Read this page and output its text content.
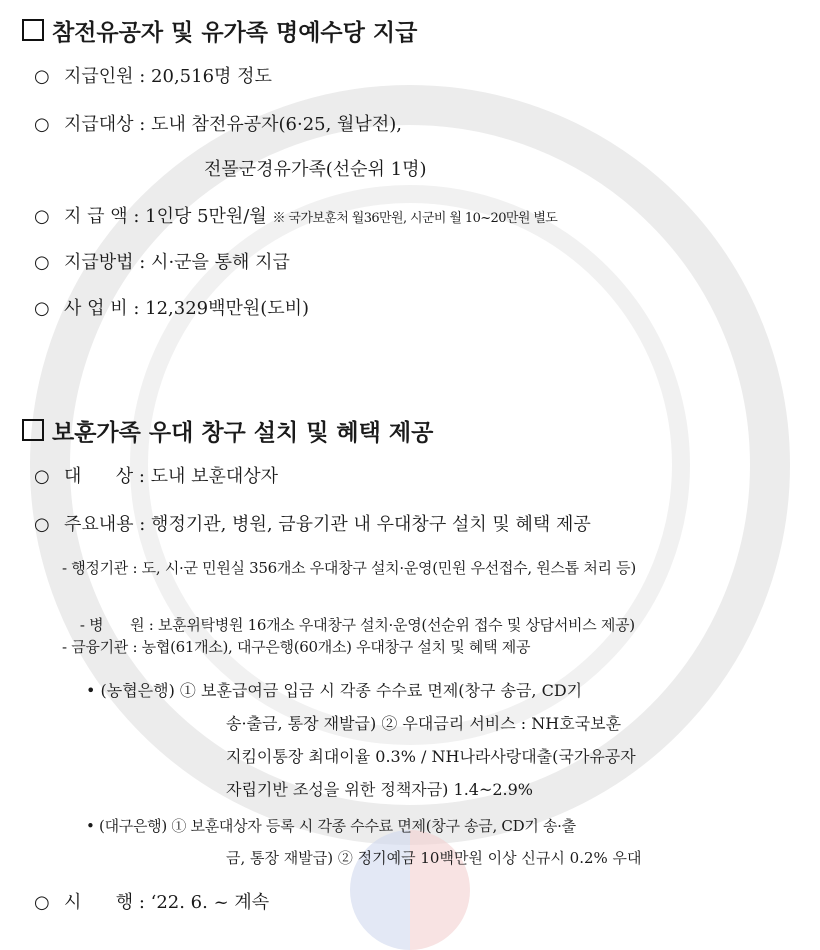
참전유공자 및 유가족 명예수당 지급
○ 지급인원 : 20,516명 정도
○ 지급대상 : 도내 참전유공자(6·25, 월남전),
전몰군경유가족(선순위 1명)
○ 지 급 액 : 1인당 5만원/월 ※ 국가보훈처 월36만원, 시군비 월 10~20만원 별도
○ 지급방법 : 시·군을 통해 지급
○ 사 업 비 : 12,329백만원(도비)
보훈가족 우대 창구 설치 및 혜택 제공
○ 대      상 : 도내 보훈대상자
○ 주요내용 : 행정기관, 병원, 금융기관 내 우대창구 설치 및 혜택 제공
- 행정기관 : 도, 시·군 민원실 356개소 우대창구 설치·운영(민원 우선접수, 원스톱 처리 등)

- 병      원 : 보훈위탁병원 16개소 우대창구 설치·운영(선순위 접수 및 상담서비스 제공)

- 금융기관 : 농협(61개소), 대구은행(60개소) 우대창구 설치 및 혜택 제공
• (농협은행) ① 보훈급여금 입금 시 각종 수수료 면제(창구 송금, CD기
송·출금, 통장 재발급) ② 우대금리 서비스 : NH호국보훈
지킴이통장 최대이율 0.3% / NH나라사랑대출(국가유공자
자립기반 조성을 위한 정책자금) 1.4~2.9%
• (대구은행) ① 보훈대상자 등록 시 각종 수수료 면제(창구 송금, CD기 송·출
금, 통장 재발급) ② 정기예금 10백만원 이상 신규시 0.2% 우대
○ 시      행 : ‘22. 6. ~ 계속
